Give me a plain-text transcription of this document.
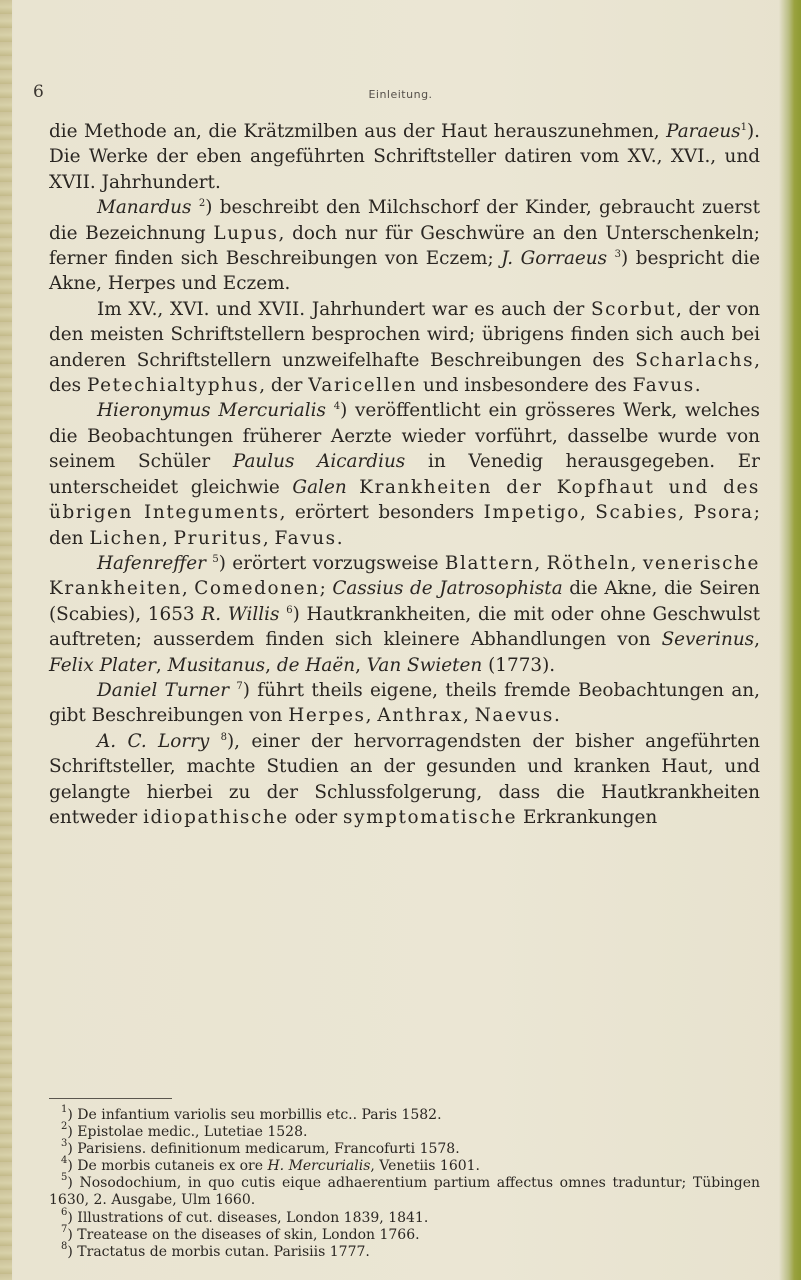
6	Einleitung.

die Methode an, die Krätzmilben aus der Haut herauszunehmen, Paraeus$^1$). Die Werke der eben angeführten Schriftsteller datiren vom XV., XVI., und XVII. Jahrhundert.

Manardus $^2$) beschreibt den Milchschorf der Kinder, gebraucht zuerst die Bezeichnung Lupus, doch nur für Geschwüre an den Unterschenkeln; ferner finden sich Beschreibungen von Eczem; J. Gorraeus $^3$) bespricht die Akne, Herpes und Eczem.

Im XV., XVI. und XVII. Jahrhundert war es auch der Scorbut, der von den meisten Schriftstellern besprochen wird; übrigens finden sich auch bei anderen Schriftstellern unzweifelhafte Beschreibungen des Scharlachs, des Petechialtyphus, der Varicellen und insbesondere des Favus.

Hieronymus Mercurialis $^4$) veröffentlicht ein grösseres Werk, welches die Beobachtungen früherer Aerzte wieder vorführt, dasselbe wurde von seinem Schüler Paulus Aicardius in Venedig herausgegeben. Er unterscheidet gleichwie Galen Krankheiten der Kopfhaut und des übrigen Integuments, erörtert besonders Impetigo, Scabies, Psora; den Lichen, Pruritus, Favus.

Hafenreffer $^5$) erörtert vorzugsweise Blattern, Rötheln, venerische Krankheiten, Comedonen; Cassius de Jatrosophista die Akne, die Seiren (Scabies), 1653 R. Willis $^6$) Hautkrankheiten, die mit oder ohne Geschwulst auftreten; ausserdem finden sich kleinere Abhandlungen von Severinus, Felix Plater, Musitanus, de Haën, Van Swieten (1773).

Daniel Turner $^7$) führt theils eigene, theils fremde Beobachtungen an, gibt Beschreibungen von Herpes, Anthrax, Naevus.

A. C. Lorry $^8$), einer der hervorragendsten der bisher angeführten Schriftsteller, machte Studien an der gesunden und kranken Haut, und gelangte hierbei zu der Schlussfolgerung, dass die Hautkrankheiten entweder idiopathische oder symptomatische Erkrankungen

$^1$) De infantium variolis seu morbillis etc.. Paris 1582.

$^2$) Epistolae medic., Lutetiae 1528.

$^3$) Parisiens. definitionum medicarum, Francofurti 1578.

$^4$) De morbis cutaneis ex ore H. Mercurialis, Venetiis 1601.

$^5$) Nosodochium, in quo cutis eique adhaerentium partium affectus omnes traduntur; Tübingen 1630, 2. Ausgabe, Ulm 1660.

$^6$) Illustrations of cut. diseases, London 1839, 1841.

$^7$) Treatease on the diseases of skin, London 1766.

$^8$) Tractatus de morbis cutan. Parisiis 1777.
